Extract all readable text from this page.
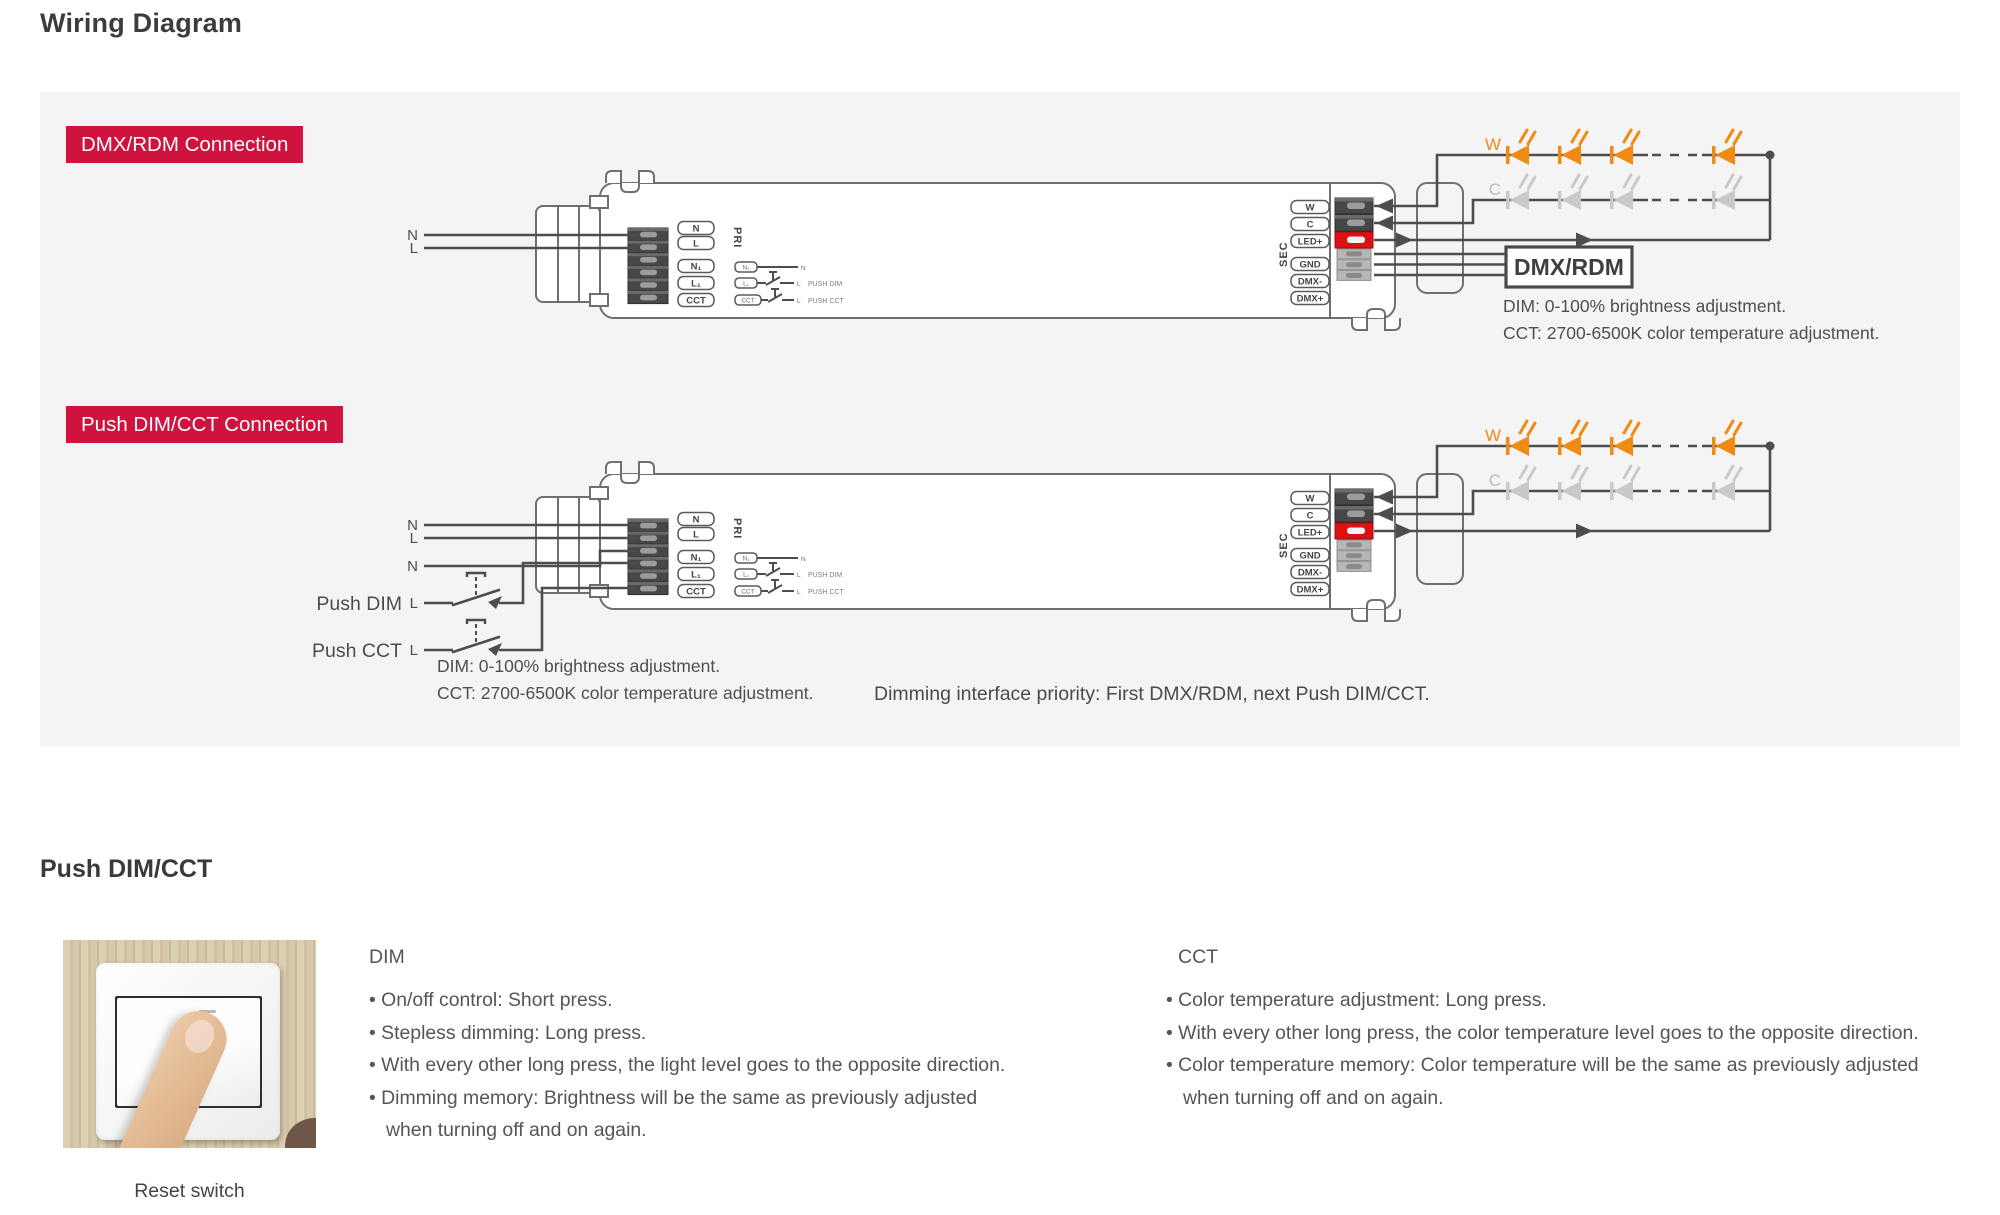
Wiring Diagram
N
L
DMX/RDM
N
L
N
Push DIM L
Push CCT L
DMX/RDM Connection
Push DIM/CCT Connection
DIM: 0-100% brightness adjustment.
CCT: 2700-6500K color temperature adjustment.
DIM: 0-100% brightness adjustment.
CCT: 2700-6500K color temperature adjustment.	Dimming interface priority: First DMX/RDM, next Push DIM/CCT.
Push DIM/CCT
Reset switch
DIM
• On/off control: Short press.
• Stepless dimming: Long press.
• With every other long press, the light level goes to the opposite direction.
• Dimming memory: Brightness will be the same as previously adjusted
when turning off and on again.
CCT
• Color temperature adjustment: Long press.
• With every other long press, the color temperature level goes to the opposite direction.
• Color temperature memory: Color temperature will be the same as previously adjusted
when turning off and on again.
